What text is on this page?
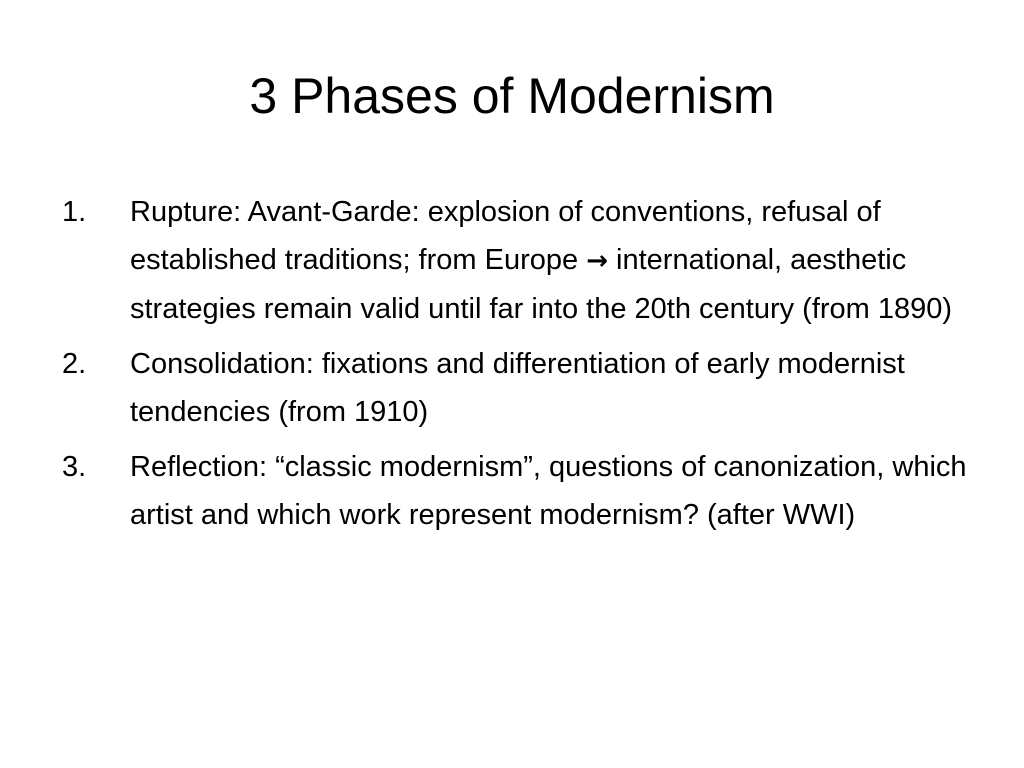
3 Phases of Modernism
1. Rupture: Avant-Garde: explosion of conventions, refusal of established traditions; from Europe → international, aesthetic strategies remain valid until far into the 20th century (from 1890)
2. Consolidation: fixations and differentiation of early modernist tendencies (from 1910)
3. Reflection: “classic modernism”, questions of canonization, which artist and which work represent modernism? (after WWI)
